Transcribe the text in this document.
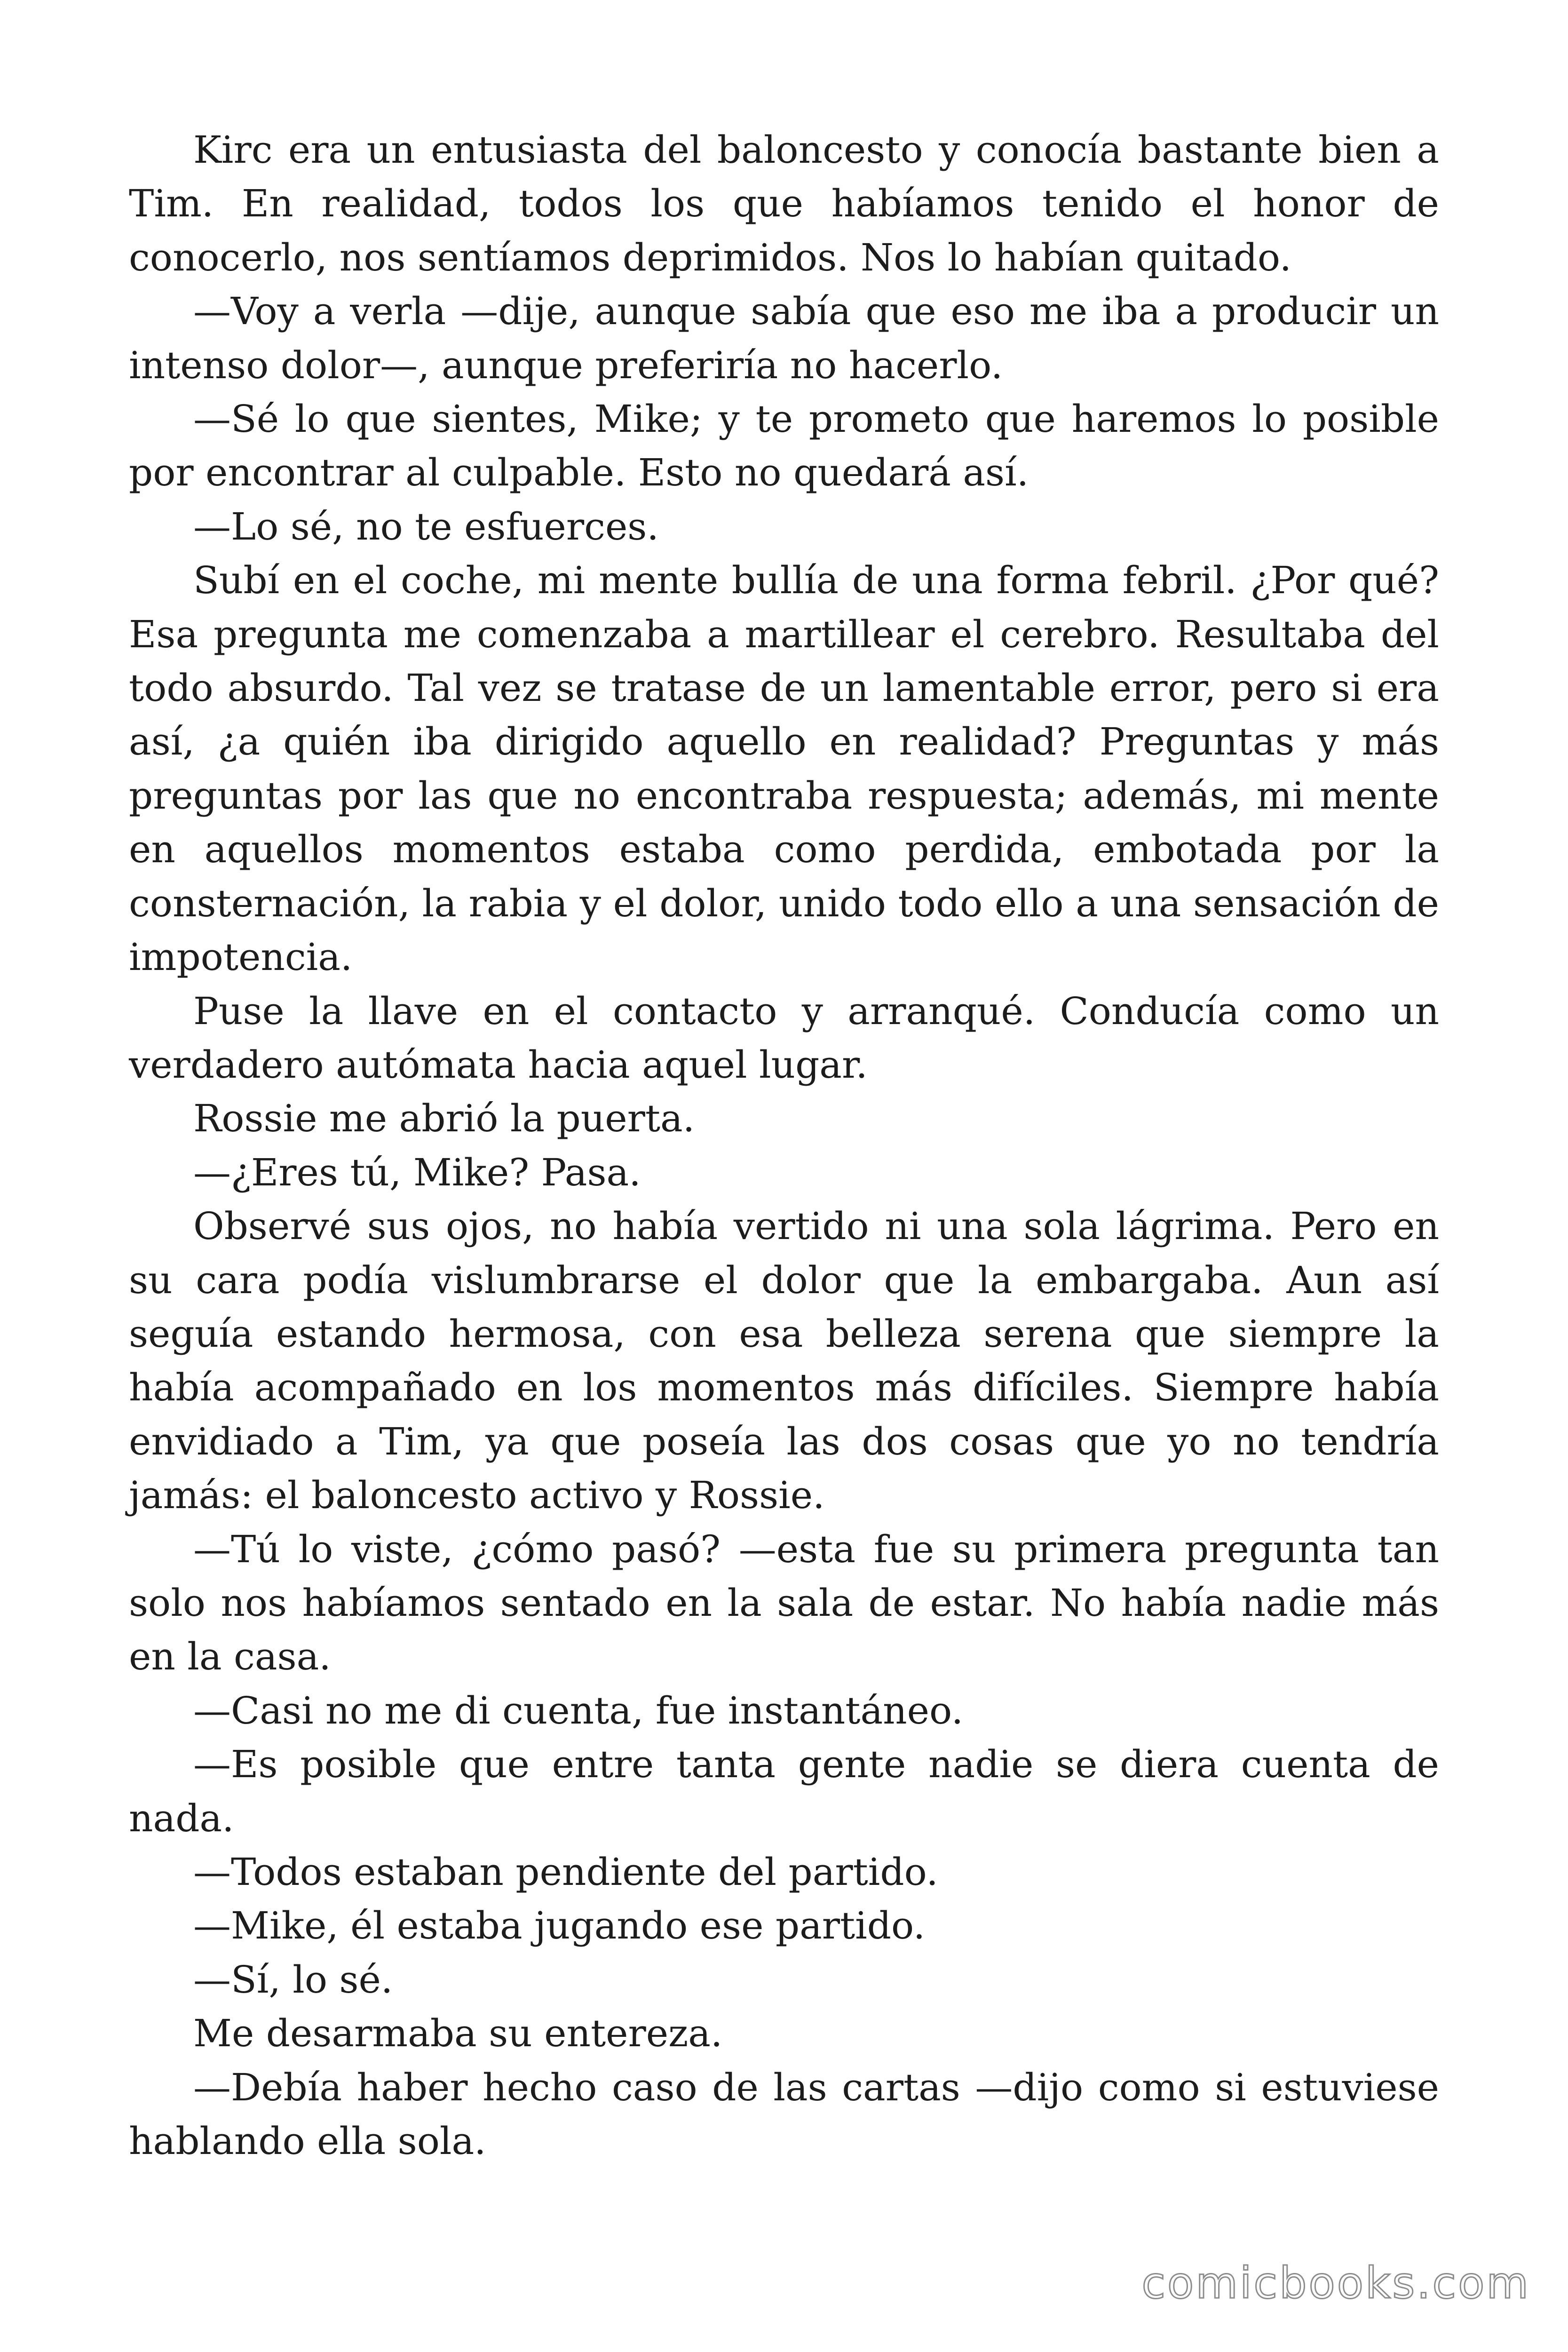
Kirc era un entusiasta del baloncesto y conocía bastante bien a Tim. En realidad, todos los que habíamos tenido el honor de conocerlo, nos sentíamos deprimidos. Nos lo habían quitado.

—Voy a verla —dije, aunque sabía que eso me iba a producir un intenso dolor—, aunque preferiría no hacerlo.

—Sé lo que sientes, Mike; y te prometo que haremos lo posible por encontrar al culpable. Esto no quedará así.

—Lo sé, no te esfuerces.

Subí en el coche, mi mente bullía de una forma febril. ¿Por qué? Esa pregunta me comenzaba a martillear el cerebro. Resultaba del todo absurdo. Tal vez se tratase de un lamentable error, pero si era así, ¿a quién iba dirigido aquello en realidad? Preguntas y más preguntas por las que no encontraba respuesta; además, mi mente en aquellos momentos estaba como perdida, embotada por la consternación, la rabia y el dolor, unido todo ello a una sensación de impotencia.

Puse la llave en el contacto y arranqué. Conducía como un verdadero autómata hacia aquel lugar.

Rossie me abrió la puerta.

—¿Eres tú, Mike? Pasa.

Observé sus ojos, no había vertido ni una sola lágrima. Pero en su cara podía vislumbrarse el dolor que la embargaba. Aun así seguía estando hermosa, con esa belleza serena que siempre la había acompañado en los momentos más difíciles. Siempre había envidiado a Tim, ya que poseía las dos cosas que yo no tendría jamás: el baloncesto activo y Rossie.

—Tú lo viste, ¿cómo pasó? —esta fue su primera pregunta tan solo nos habíamos sentado en la sala de estar. No había nadie más en la casa.

—Casi no me di cuenta, fue instantáneo.

—Es posible que entre tanta gente nadie se diera cuenta de nada.

—Todos estaban pendiente del partido.

—Mike, él estaba jugando ese partido.

—Sí, lo sé.

Me desarmaba su entereza.

—Debía haber hecho caso de las cartas —dijo como si estuviese hablando ella sola.

comicbooks.com
